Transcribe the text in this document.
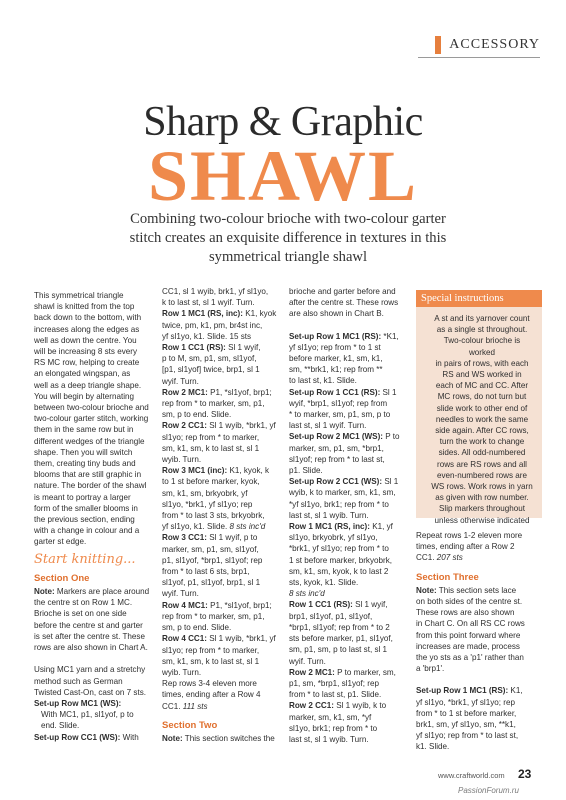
ACCESSORY
Sharp & Graphic
SHAWL
Combining two-colour brioche with two-colour garter stitch creates an exquisite difference in textures in this symmetrical triangle shawl
This symmetrical triangle
shawl is knitted from the top
back down to the bottom, with
increases along the edges as
well as down the centre. You
will be increasing 8 sts every
RS MC row, helping to create
an elongated wingspan, as
well as a deep triangle shape.
You will begin by alternating
between two-colour brioche and
two-colour garter stitch, working
them in the same row but in
different wedges of the triangle
shape. Then you will switch
them, creating tiny buds and
blooms that are still graphic in
nature. The border of the shawl
is meant to portray a larger
form of the smaller blooms in
the previous section, ending
with a change in colour and a
garter st edge.
Start knitting...
Section One
Note: Markers are place around
the centre st on Row 1 MC.
Brioche is set on one side
before the centre st and garter
is set after the centre st. These
rows are also shown in Chart A.
Using MC1 yarn and a stretchy
method such as German
Twisted Cast-On, cast on 7 sts.
Set-up Row MC1 (WS):
With MC1, p1, sl1yof, p to
end. Slide.
Set-up Row CC1 (WS): With
CC1, sl 1 wyib, brk1, yf sl1yo,
k to last st, sl 1 wyif. Turn.
Row 1 MC1 (RS, inc): K1, kyok
twice, pm, k1, pm, br4st inc,
yf sl1yo, k1. Slide. 15 sts
Row 1 CC1 (RS): Sl 1 wyif,
p to M, sm, p1, sm, sl1yof,
[p1, sl1yof] twice, brp1, sl 1
wyif. Turn.
Row 2 MC1: P1, *sl1yof, brp1;
rep from * to marker, sm, p1,
sm, p to end. Slide.
Row 2 CC1: Sl 1 wyib, *brk1, yf
sl1yo; rep from * to marker,
sm, k1, sm, k to last st, sl 1
wyib. Turn.
Row 3 MC1 (inc): K1, kyok, k
to 1 st before marker, kyok,
sm, k1, sm, brkyobrk, yf
sl1yo, *brk1, yf sl1yo; rep
from * to last 3 sts, brkyobrk,
yf sl1yo, k1. Slide. 8 sts inc'd
Row 3 CC1: Sl 1 wyif, p to
marker, sm, p1, sm, sl1yof,
p1, sl1yof, *brp1, sl1yof; rep
from * to last 6 sts, brp1,
sl1yof, p1, sl1yof, brp1, sl 1
wyif. Turn.
Row 4 MC1: P1, *sl1yof, brp1;
rep from * to marker, sm, p1,
sm, p to end. Slide.
Row 4 CC1: Sl 1 wyib, *brk1, yf
sl1yo; rep from * to marker,
sm, k1, sm, k to last st, sl 1
wyib. Turn.
Rep rows 3-4 eleven more
times, ending after a Row 4
CC1. 111 sts
Section Two
Note: This section switches the
brioche and garter before and
after the centre st. These rows
are also shown in Chart B.
Set-up Row 1 MC1 (RS): *K1,
yf sl1yo; rep from * to 1 st
before marker, k1, sm, k1,
sm, **brk1, k1; rep from **
to last st, k1. Slide.
Set-up Row 1 CC1 (RS): Sl 1
wyif, *brp1, sl1yof; rep from
* to marker, sm, p1, sm, p to
last st, sl 1 wyif. Turn.
Set-up Row 2 MC1 (WS): P to
marker, sm, p1, sm, *brp1,
sl1yof; rep from * to last st,
p1. Slide.
Set-up Row 2 CC1 (WS): Sl 1
wyib, k to marker, sm, k1, sm,
*yf sl1yo, brk1; rep from * to
last st, sl 1 wyib. Turn.
Row 1 MC1 (RS, inc): K1, yf
sl1yo, brkyobrk, yf sl1yo,
*brk1, yf sl1yo; rep from * to
1 st before marker, brkyobrk,
sm, k1, sm, kyok, k to last 2
sts, kyok, k1. Slide.
8 sts inc'd
Row 1 CC1 (RS): Sl 1 wyif,
brp1, sl1yof, p1, sl1yof,
*brp1, sl1yof; rep from * to 2
sts before marker, p1, sl1yof,
sm, p1, sm, p to last st, sl 1
wyif. Turn.
Row 2 MC1: P to marker, sm,
p1, sm, *brp1, sl1yof; rep
from * to last st, p1. Slide.
Row 2 CC1: Sl 1 wyib, k to
marker, sm, k1, sm, *yf
sl1yo, brk1; rep from * to
last st, sl 1 wyib. Turn.
Special instructions
A st and its yarnover count
as a single st throughout.
Two-colour brioche is worked
in pairs of rows, with each
RS and WS worked in
each of MC and CC. After
MC rows, do not turn but
slide work to other end of
needles to work the same
side again. After CC rows,
turn the work to change
sides. All odd-numbered
rows are RS rows and all
even-numbered rows are
WS rows. Work rows in yarn
as given with row number.
Slip markers throughout
unless otherwise indicated
Repeat rows 1-2 eleven more
times, ending after a Row 2
CC1. 207 sts
Section Three
Note: This section sets lace
on both sides of the centre st.
These rows are also shown
in Chart C. On all RS CC rows
from this point forward where
increases are made, process
the yo sts as a 'p1' rather than
a 'brp1'.
Set-up Row 1 MC1 (RS): K1,
yf sl1yo, *brk1, yf sl1yo; rep
from * to 1 st before marker,
brk1, sm, yf sl1yo, sm, **k1,
yf sl1yo; rep from * to last st,
k1. Slide.
www.craftworld.com 23
PassionForum.ru
